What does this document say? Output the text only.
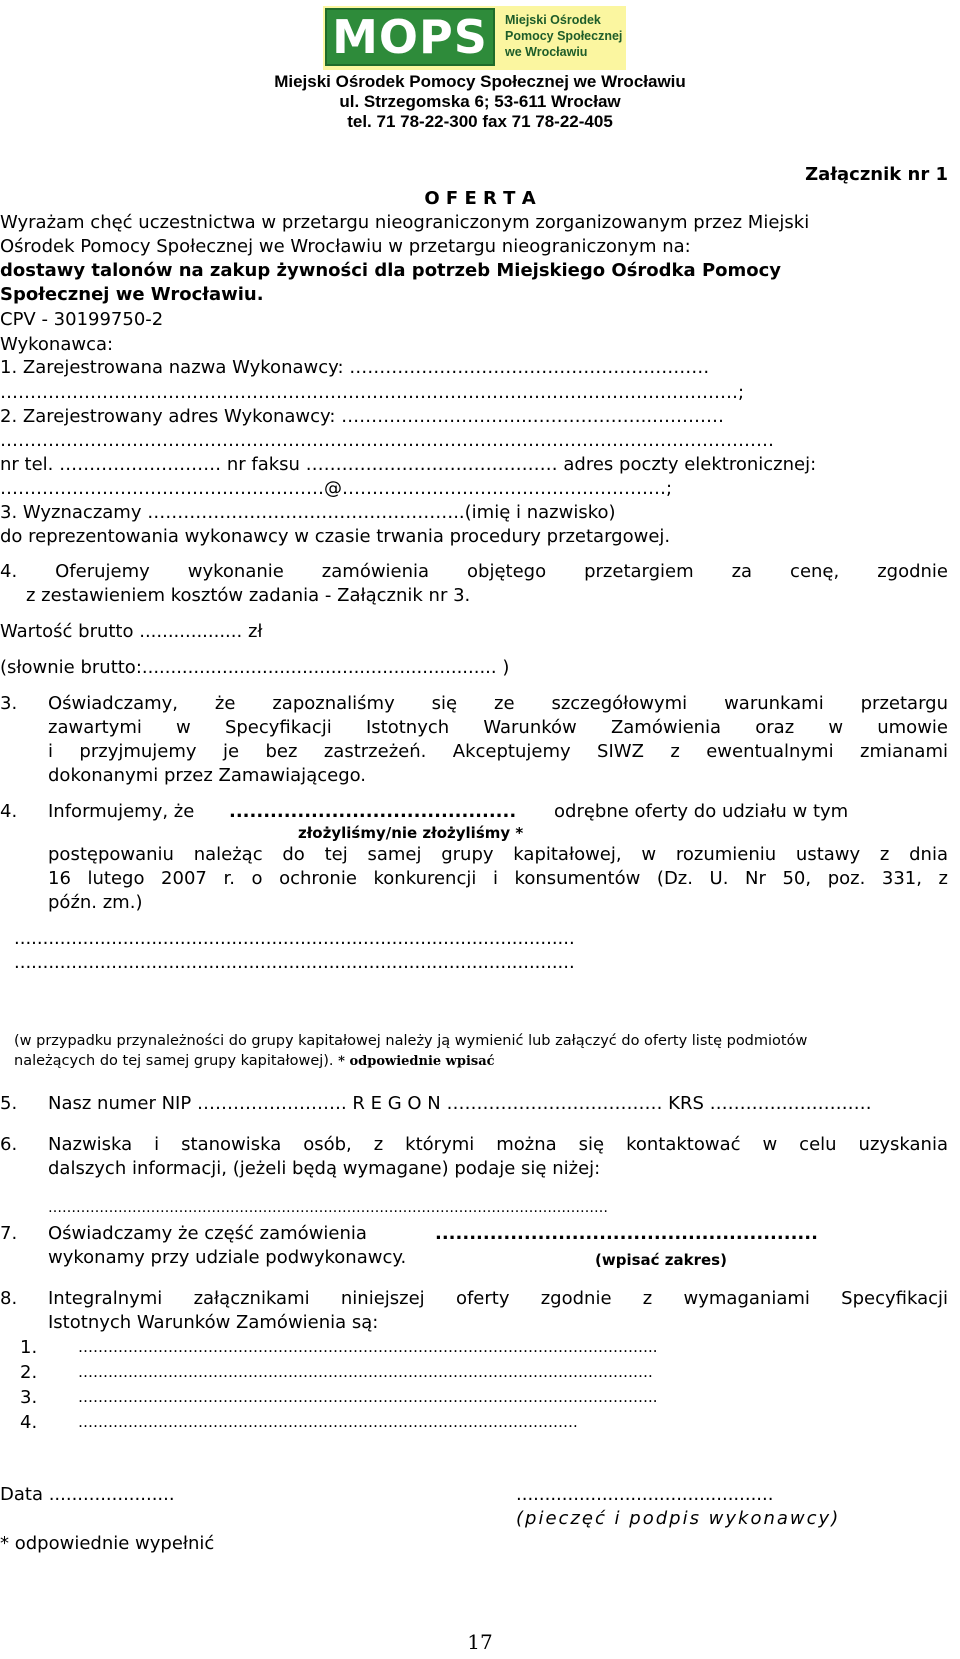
MOPS	Miejski Ośrodek
Pomocy Społecznej
we Wrocławiu
Miejski Ośrodek Pomocy Społecznej we Wrocławiu
ul. Strzegomska 6; 53-611 Wrocław
tel. 71 78-22-300 fax 71 78-22-405
Załącznik nr 1
O F E R T A
Wyrażam chęć uczestnictwa w przetargu nieograniczonym zorganizowanym przez Miejski
Ośrodek Pomocy Społecznej we Wrocławiu w przetargu nieograniczonym na:
dostawy talonów na zakup żywności dla potrzeb Miejskiego Ośrodka Pomocy
Społecznej we Wrocławiu.
CPV - 30199750-2
Wykonawca:
1. Zarejestrowana nazwa Wykonawcy: ……………………………………………………
……………………………………………………………………………………………………………;
2. Zarejestrowany adres Wykonawcy: …………………………..………………..…………
…………………………………………………………………………………………………………………
nr tel. ……………………… nr faksu …………………………………… adres poczty elektronicznej:
………………………………………………@………………………………………………;
3. Wyznaczamy ……………………………………………..(imię i nazwisko)
do reprezentowania wykonawcy w czasie trwania procedury przetargowej.
4. Oferujemy wykonanie zamówienia objętego przetargiem za cenę, zgodnie
z zestawieniem kosztów zadania - Załącznik nr 3.
Wartość brutto .................. zł
(słownie brutto:.............................................................. )
3. Oświadczamy, że zapoznaliśmy się ze szczegółowymi warunkami przetargu
zawartymi w Specyfikacji Istotnych Warunków Zamówienia oraz w umowie
i przyjmujemy je bez zastrzeżeń. Akceptujemy SIWZ z ewentualnymi zmianami
dokonanymi przez Zamawiającego.
4. Informujemy, że .......................................... odrębne oferty do udziału w tym
złożyliśmy/nie złożyliśmy *
postępowaniu należąc do tej samej grupy kapitałowej, w rozumieniu ustawy z dnia
16 lutego 2007 r. o ochronie konkurencji i konsumentów (Dz. U. Nr 50, poz. 331, z
późn. zm.)
..................................................................................................
..................................................................................................
(w przypadku przynależności do grupy kapitałowej należy ją wymienić lub załączyć do oferty listę podmiotów
należących do tej samej grupy kapitałowej). * odpowiednie wpisać
5. Nasz numer NIP ……………………. R E G O N ……………………………… KRS ………………………
6. Nazwiska i stanowiska osób, z którymi można się kontaktować w celu uzyskania
dalszych informacji, (jeżeli będą wymagane) podaje się niżej:
…………………………………………………………………………………………………………
7. Oświadczamy że część zamówienia	........................................................
wykonamy przy udziale podwykonawcy.	(wpisać zakres)
8. Integralnymi załącznikami niniejszej oferty zgodnie z wymaganiami Specyfikacji
Istotnych Warunków Zamówienia są:
1.	……………………………………………………………………………………………………..
2.	…………………………………………………………………………………………………….
3.	……………………………………………………………………………………………………..
4.	……………………………………………………………………………………….
Data ......................	.............................................
(pieczęć i podpis wykonawcy)
* odpowiednie wypełnić
17
